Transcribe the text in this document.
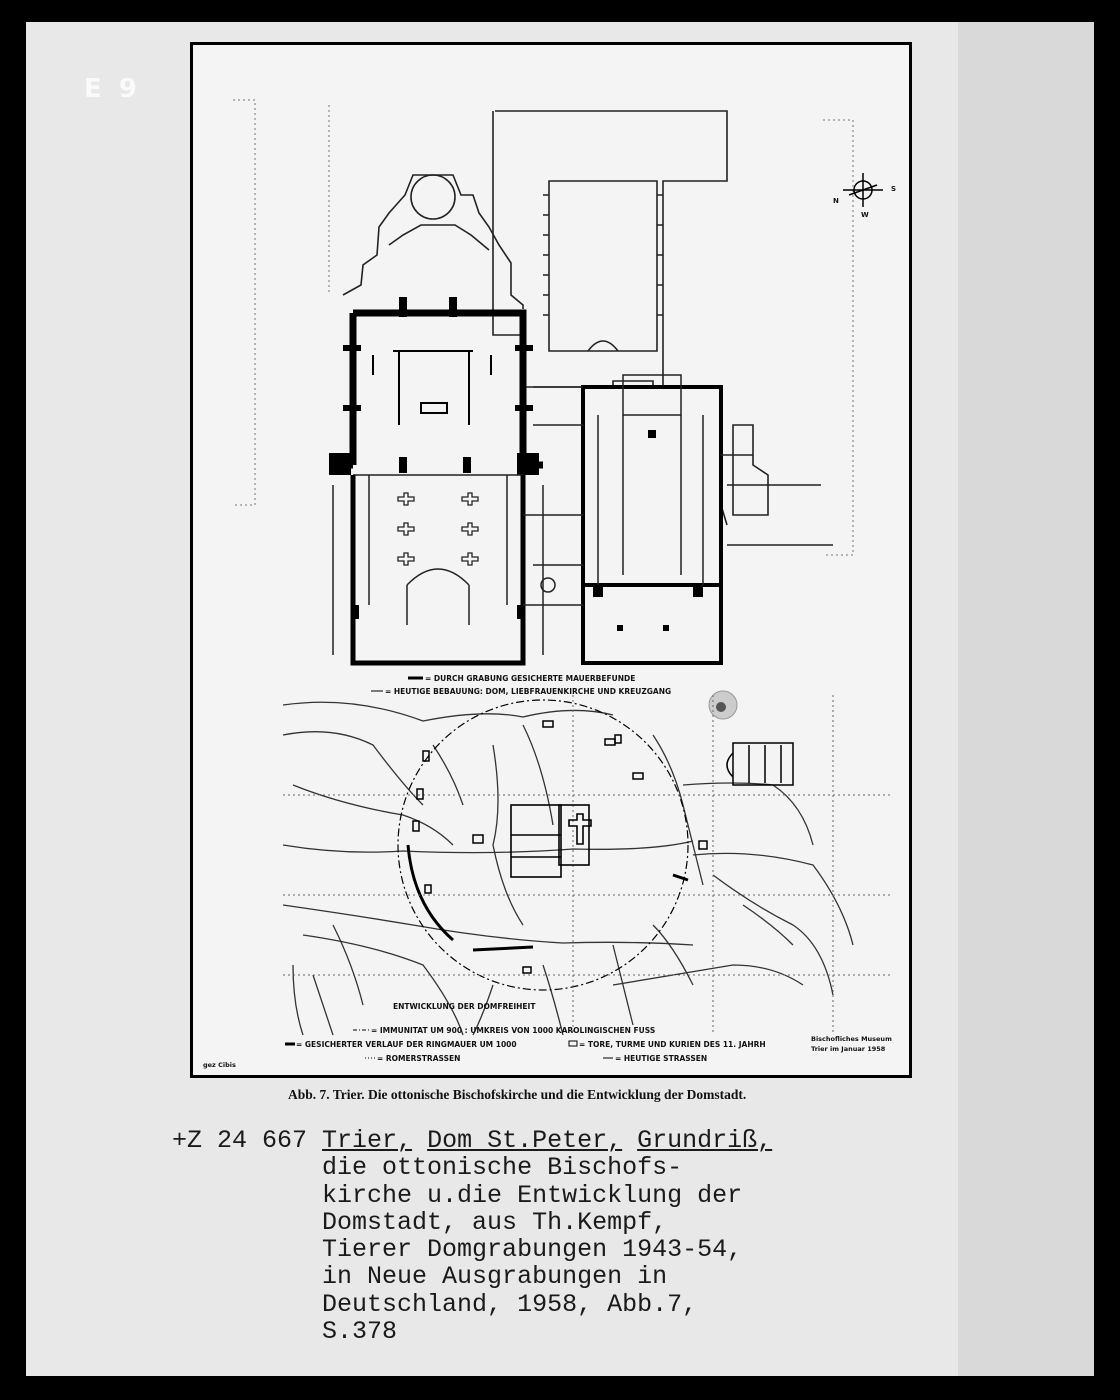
E 9
N
S
W
= DURCH GRABUNG GESICHERTE MAUERBEFUNDE
= HEUTIGE BEBAUUNG: DOM, LIEBFRAUENKIRCHE UND KREUZGANG
ENTWICKLUNG DER DOMFREIHEIT
= IMMUNITAT UM 900 : UMKREIS VON 1000 KAROLINGISCHEN FUSS
= GESICHERTER VERLAUF DER RINGMAUER UM 1000	= TORE, TURME UND KURIEN DES 11. JAHRH
= ROMERSTRASSEN	= HEUTIGE STRASSEN
Bischofliches Museum
Trier im Januar 1958
gez Cibis
Abb. 7. Trier. Die ottonische Bischofskirche und die Entwicklung der Domstadt.
+Z 24 667 Trier, Dom St.Peter, Grundriß,
die ottonische Bischofs-
kirche u.die Entwicklung der
Domstadt, aus Th.Kempf,
Tierer Domgrabungen 1943-54,
in Neue Ausgrabungen in
Deutschland, 1958, Abb.7,
S.378
